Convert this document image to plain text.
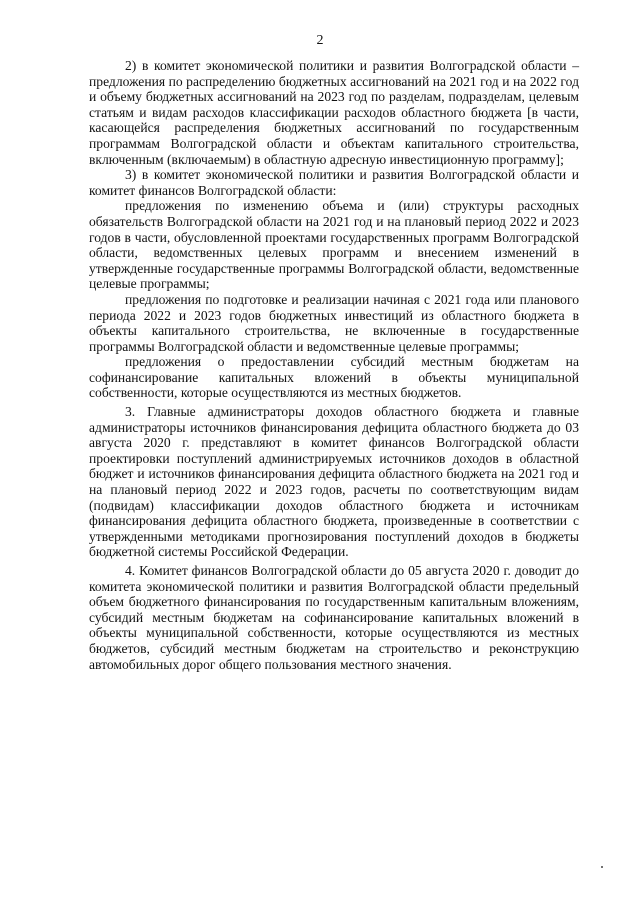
2

2) в комитет экономической политики и развития Волгоградской области – предложения по распределению бюджетных ассигнований на 2021 год и на 2022 год и объему бюджетных ассигнований на 2023 год по разделам, подразделам, целевым статьям и видам расходов классификации расходов областного бюджета [в части, касающейся распределения бюджетных ассигнований по государственным программам Волгоградской области и объектам капитального строительства, включенным (включаемым) в областную адресную инвестиционную программу];

3) в комитет экономической политики и развития Волгоградской области и комитет финансов Волгоградской области:

предложения по изменению объема и (или) структуры расходных обязательств Волгоградской области на 2021 год и на плановый период 2022 и 2023 годов в части, обусловленной проектами государственных программ Волгоградской области, ведомственных целевых программ и внесением изменений в утвержденные государственные программы Волгоградской области, ведомственные целевые программы;

предложения по подготовке и реализации начиная с 2021 года или планового периода 2022 и 2023 годов бюджетных инвестиций из областного бюджета в объекты капитального строительства, не включенные в государственные программы Волгоградской области и ведомственные целевые программы;

предложения о предоставлении субсидий местным бюджетам на софинансирование капитальных вложений в объекты муниципальной собственности, которые осуществляются из местных бюджетов.

3. Главные администраторы доходов областного бюджета и главные администраторы источников финансирования дефицита областного бюджета до 03 августа 2020 г. представляют в комитет финансов Волгоградской области проектировки поступлений администрируемых источников доходов в областной бюджет и источников финансирования дефицита областного бюджета на 2021 год и на плановый период 2022 и 2023 годов, расчеты по соответствующим видам (подвидам) классификации доходов областного бюджета и источникам финансирования дефицита областного бюджета, произведенные в соответствии с утвержденными методиками прогнозирования поступлений доходов в бюджеты бюджетной системы Российской Федерации.

4. Комитет финансов Волгоградской области до 05 августа 2020 г. доводит до комитета экономической политики и развития Волгоградской области предельный объем бюджетного финансирования по государственным капитальным вложениям, субсидий местным бюджетам на софинансирование капитальных вложений в объекты муниципальной собственности, которые осуществляются из местных бюджетов, субсидий местным бюджетам на строительство и реконструкцию автомобильных дорог общего пользования местного значения.
